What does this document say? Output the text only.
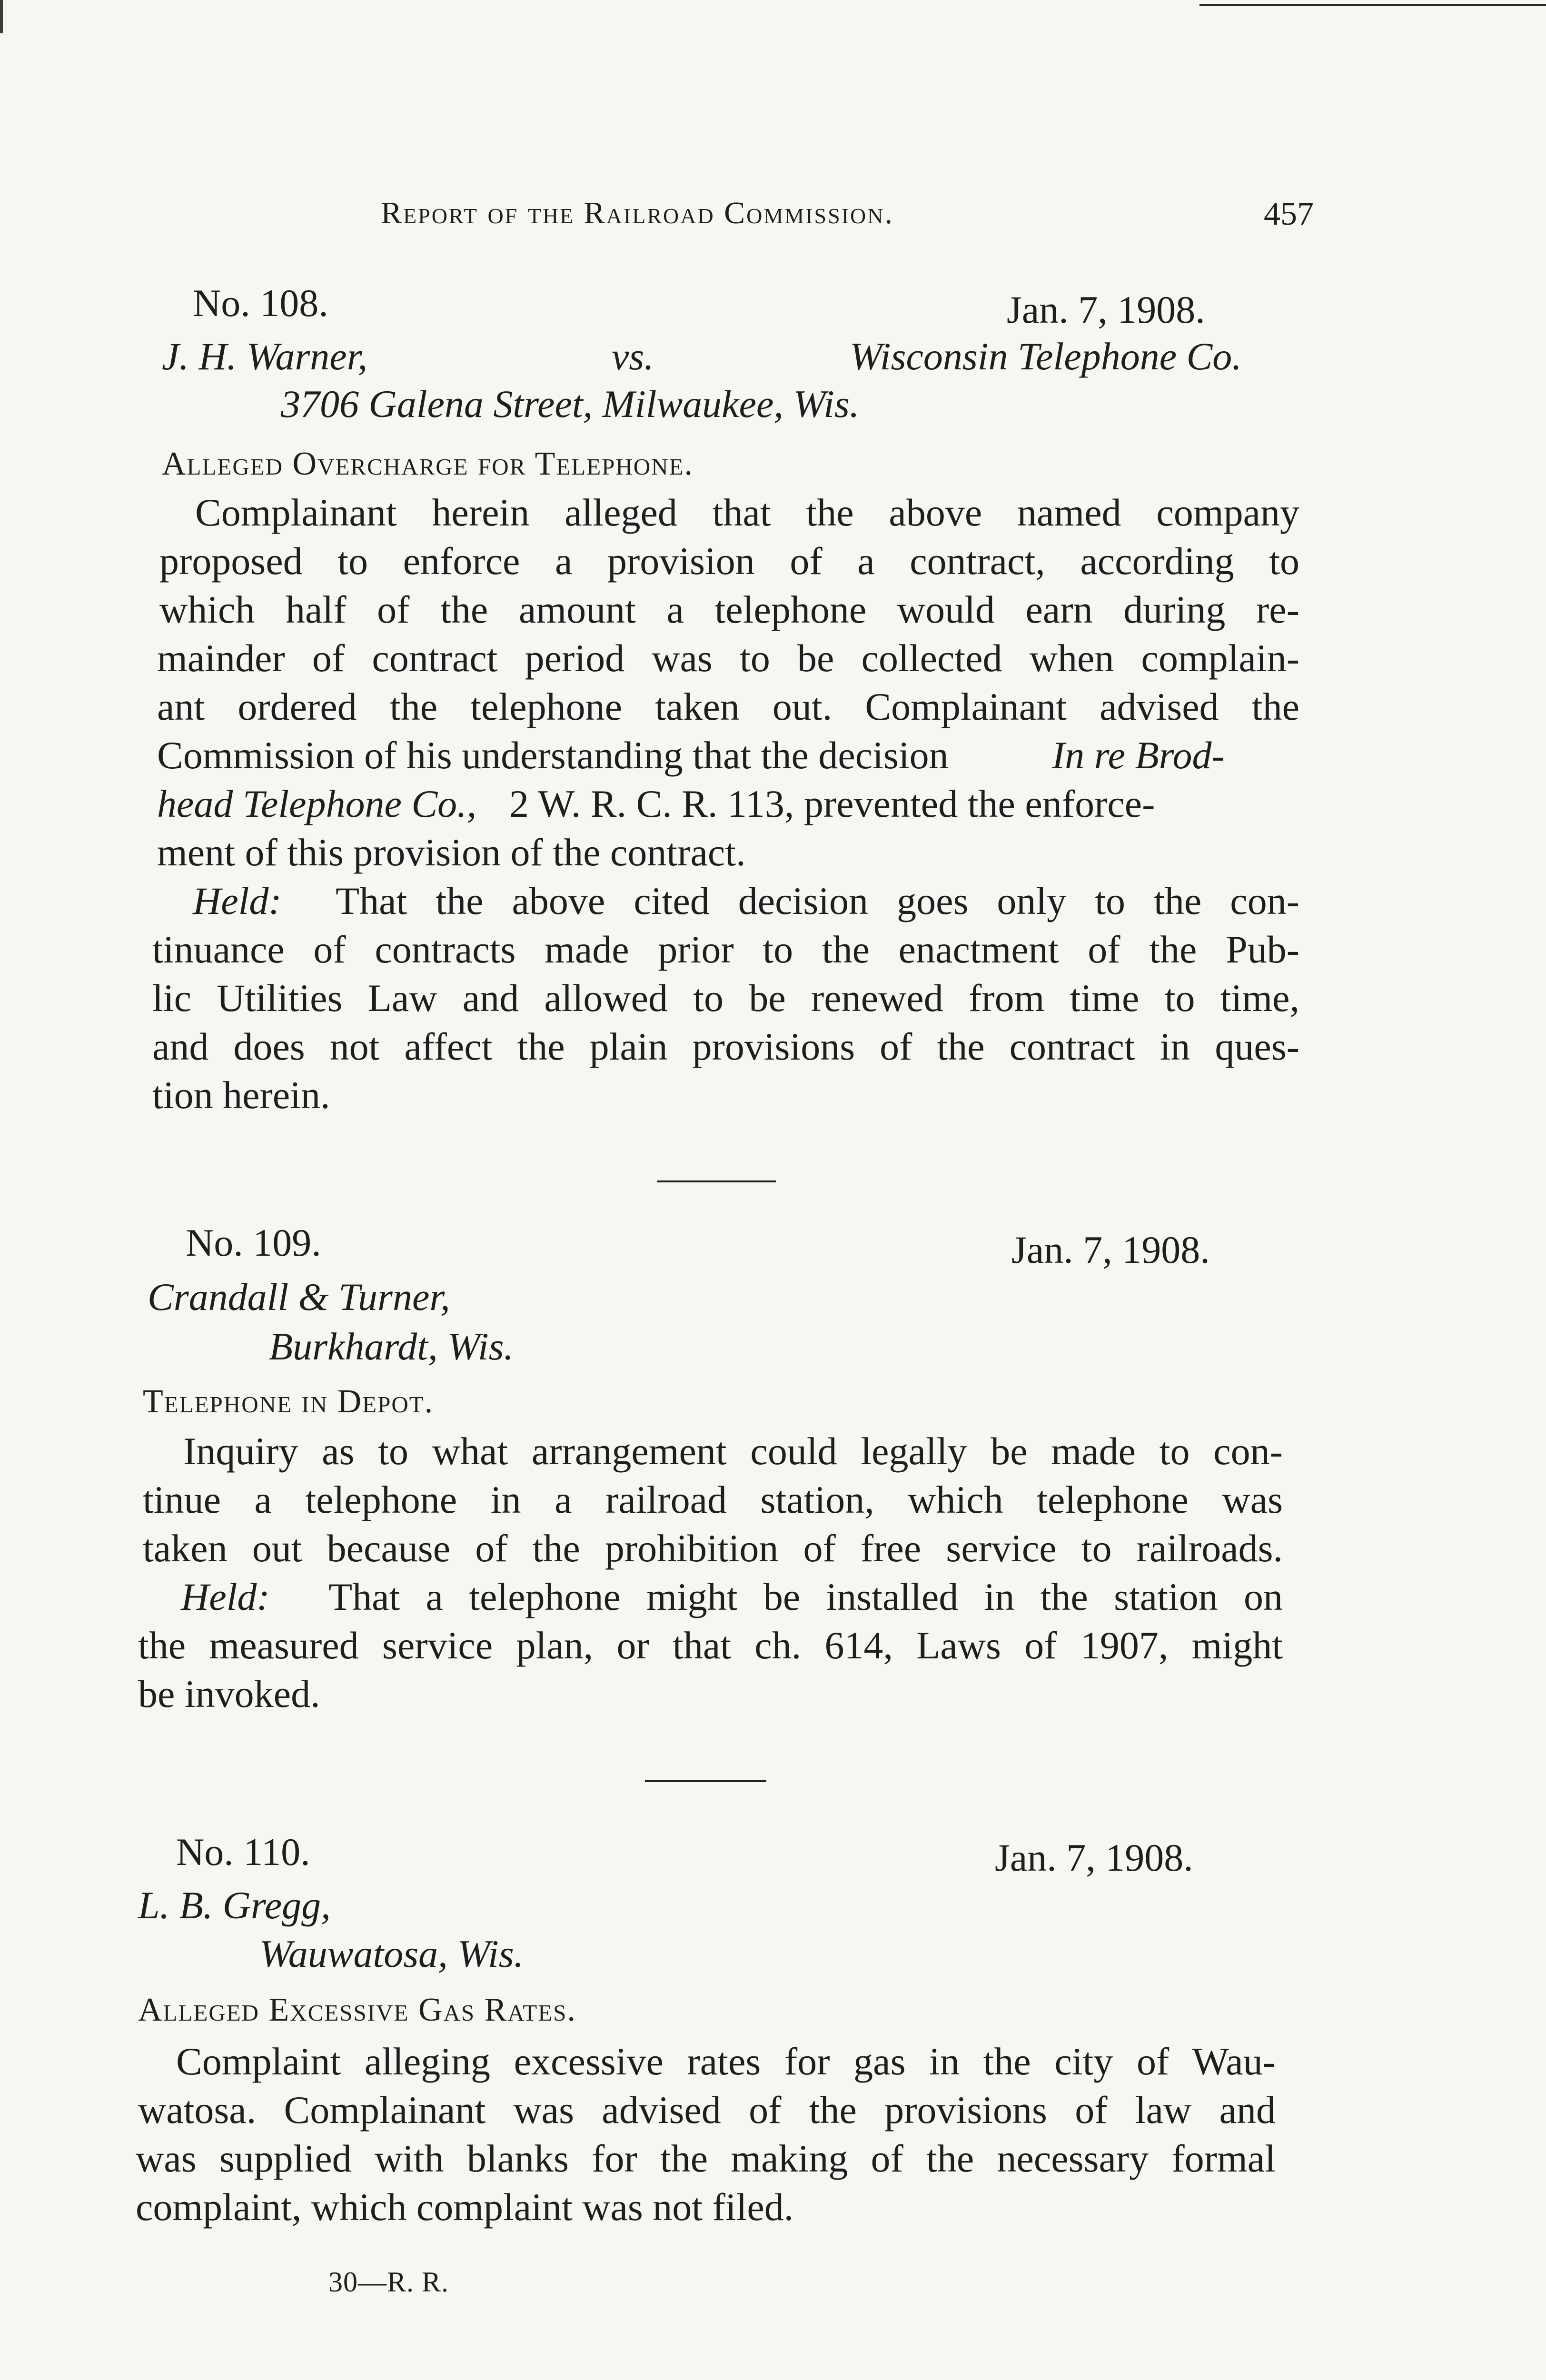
Report of the Railroad Commission.	457
No. 108.	Jan. 7, 1908.
J. H. Warner,	vs.	Wisconsin Telephone Co.
3706 Galena Street, Milwaukee, Wis.
Alleged Overcharge for Telephone.
Complainant herein alleged that the above named company
proposed to enforce a provision of a contract, according to
which half of the amount a telephone would earn during re-
mainder of contract period was to be collected when complain-
ant ordered the telephone taken out. Complainant advised the
Commission of his understanding that the decision	In re Brod-
head Telephone Co., 2 W. R. C. R. 113, prevented the enforce-
ment of this provision of the contract.
Held: That the above cited decision goes only to the con-
tinuance of contracts made prior to the enactment of the Pub-
lic Utilities Law and allowed to be renewed from time to time,
and does not affect the plain provisions of the contract in ques-
tion herein.
No. 109.	Jan. 7, 1908.
Crandall & Turner,
Burkhardt, Wis.
Telephone in Depot.
Inquiry as to what arrangement could legally be made to con-
tinue a telephone in a railroad station, which telephone was
taken out because of the prohibition of free service to railroads.
Held: That a telephone might be installed in the station on
the measured service plan, or that ch. 614, Laws of 1907, might
be invoked.
No. 110.	Jan. 7, 1908.
L. B. Gregg,
Wauwatosa, Wis.
Alleged Excessive Gas Rates.
Complaint alleging excessive rates for gas in the city of Wau-
watosa. Complainant was advised of the provisions of law and
was supplied with blanks for the making of the necessary formal
complaint, which complaint was not filed.
30—R. R.
